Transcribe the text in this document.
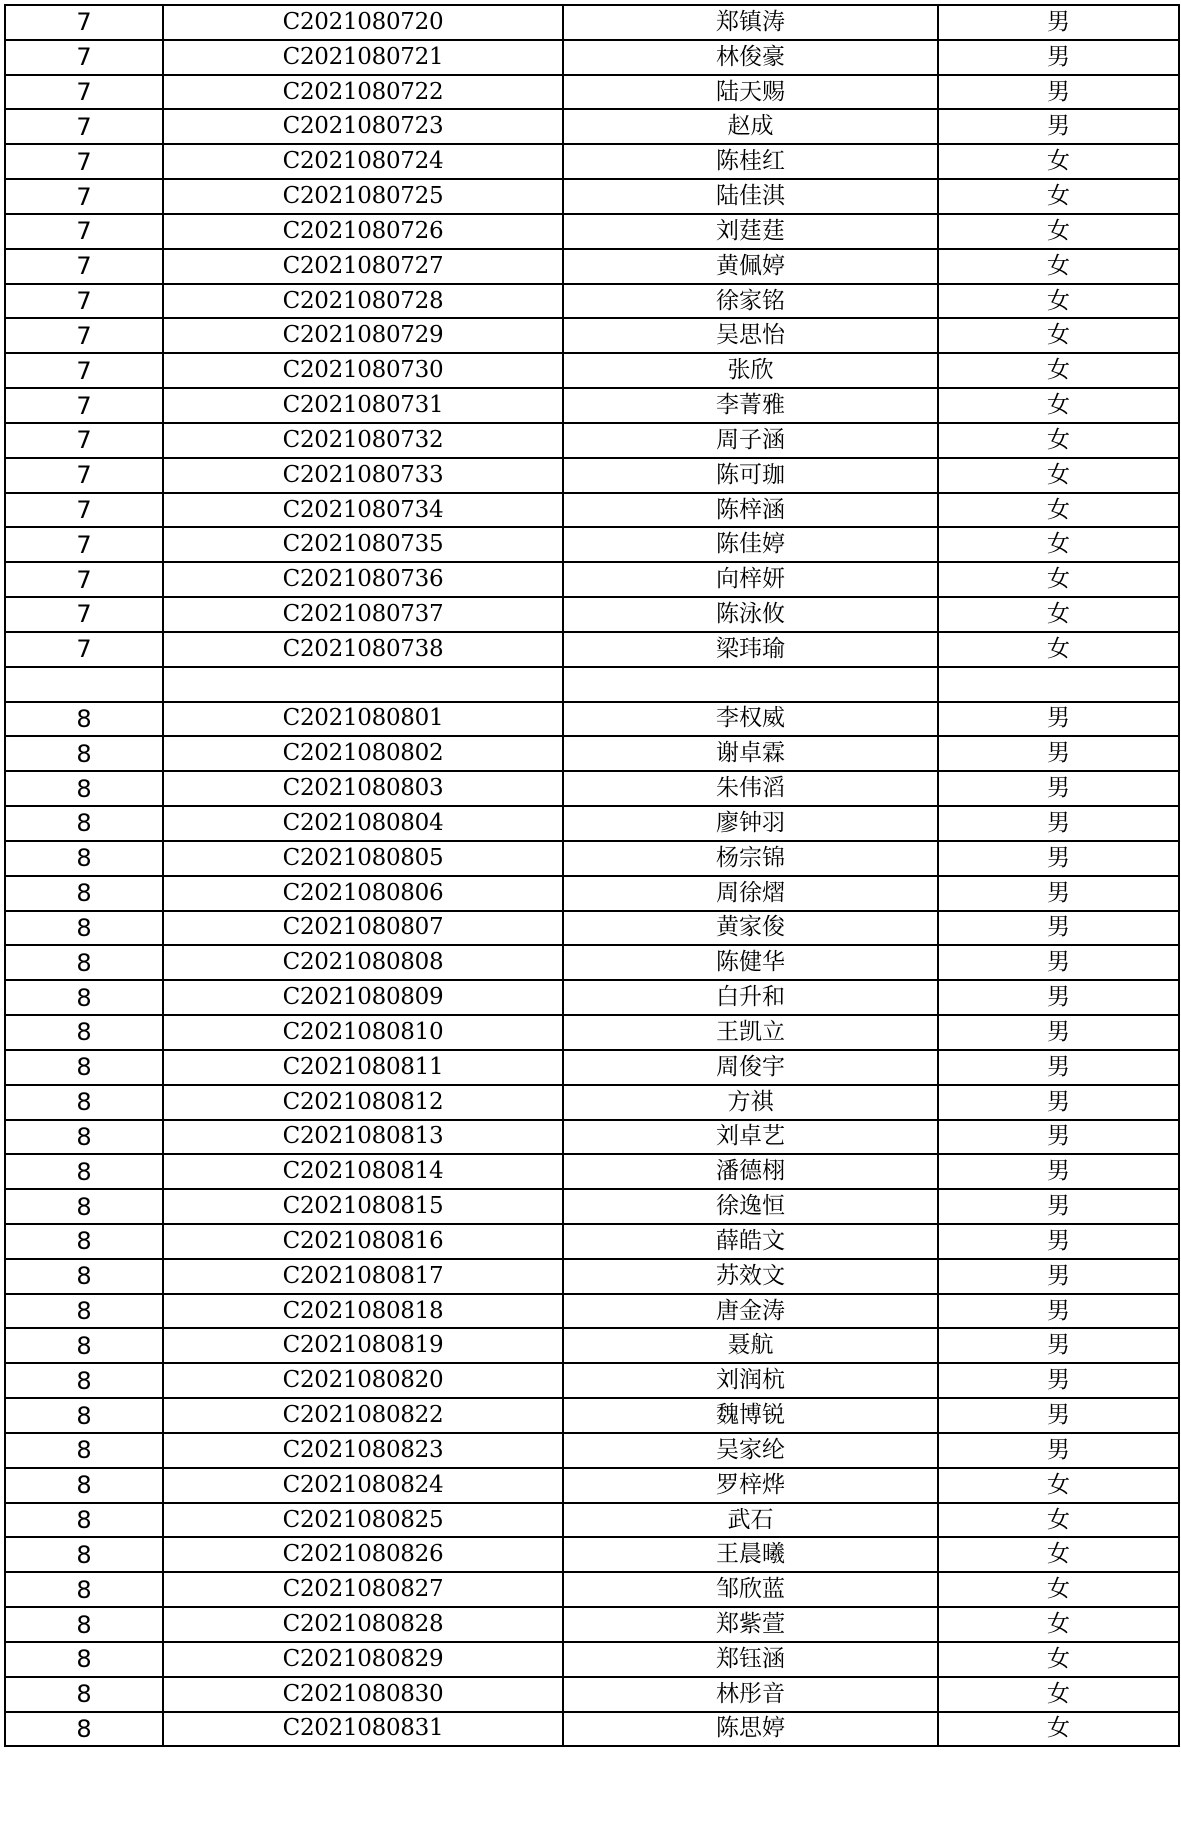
7	C2021080720	郑镇涛	男
7	C2021080721	林俊豪	男
7	C2021080722	陆天赐	男
7	C2021080723	赵成	男
7	C2021080724	陈桂红	女
7	C2021080725	陆佳淇	女
7	C2021080726	刘莛莛	女
7	C2021080727	黄佩婷	女
7	C2021080728	徐家铭	女
7	C2021080729	吴思怡	女
7	C2021080730	张欣	女
7	C2021080731	李菁雅	女
7	C2021080732	周子涵	女
7	C2021080733	陈可珈	女
7	C2021080734	陈梓涵	女
7	C2021080735	陈佳婷	女
7	C2021080736	向梓妍	女
7	C2021080737	陈泳攸	女
7	C2021080738	梁玮瑜	女

8	C2021080801	李权威	男
8	C2021080802	谢卓霖	男
8	C2021080803	朱伟滔	男
8	C2021080804	廖钟羽	男
8	C2021080805	杨宗锦	男
8	C2021080806	周徐熠	男
8	C2021080807	黄家俊	男
8	C2021080808	陈健华	男
8	C2021080809	白升和	男
8	C2021080810	王凯立	男
8	C2021080811	周俊宇	男
8	C2021080812	方祺	男
8	C2021080813	刘卓艺	男
8	C2021080814	潘德栩	男
8	C2021080815	徐逸恒	男
8	C2021080816	薛皓文	男
8	C2021080817	苏效文	男
8	C2021080818	唐金涛	男
8	C2021080819	聂航	男
8	C2021080820	刘润杭	男
8	C2021080822	魏博锐	男
8	C2021080823	吴家纶	男
8	C2021080824	罗梓烨	女
8	C2021080825	武石	女
8	C2021080826	王晨曦	女
8	C2021080827	邹欣蓝	女
8	C2021080828	郑紫萱	女
8	C2021080829	郑钰涵	女
8	C2021080830	林彤音	女
8	C2021080831	陈思婷	女
